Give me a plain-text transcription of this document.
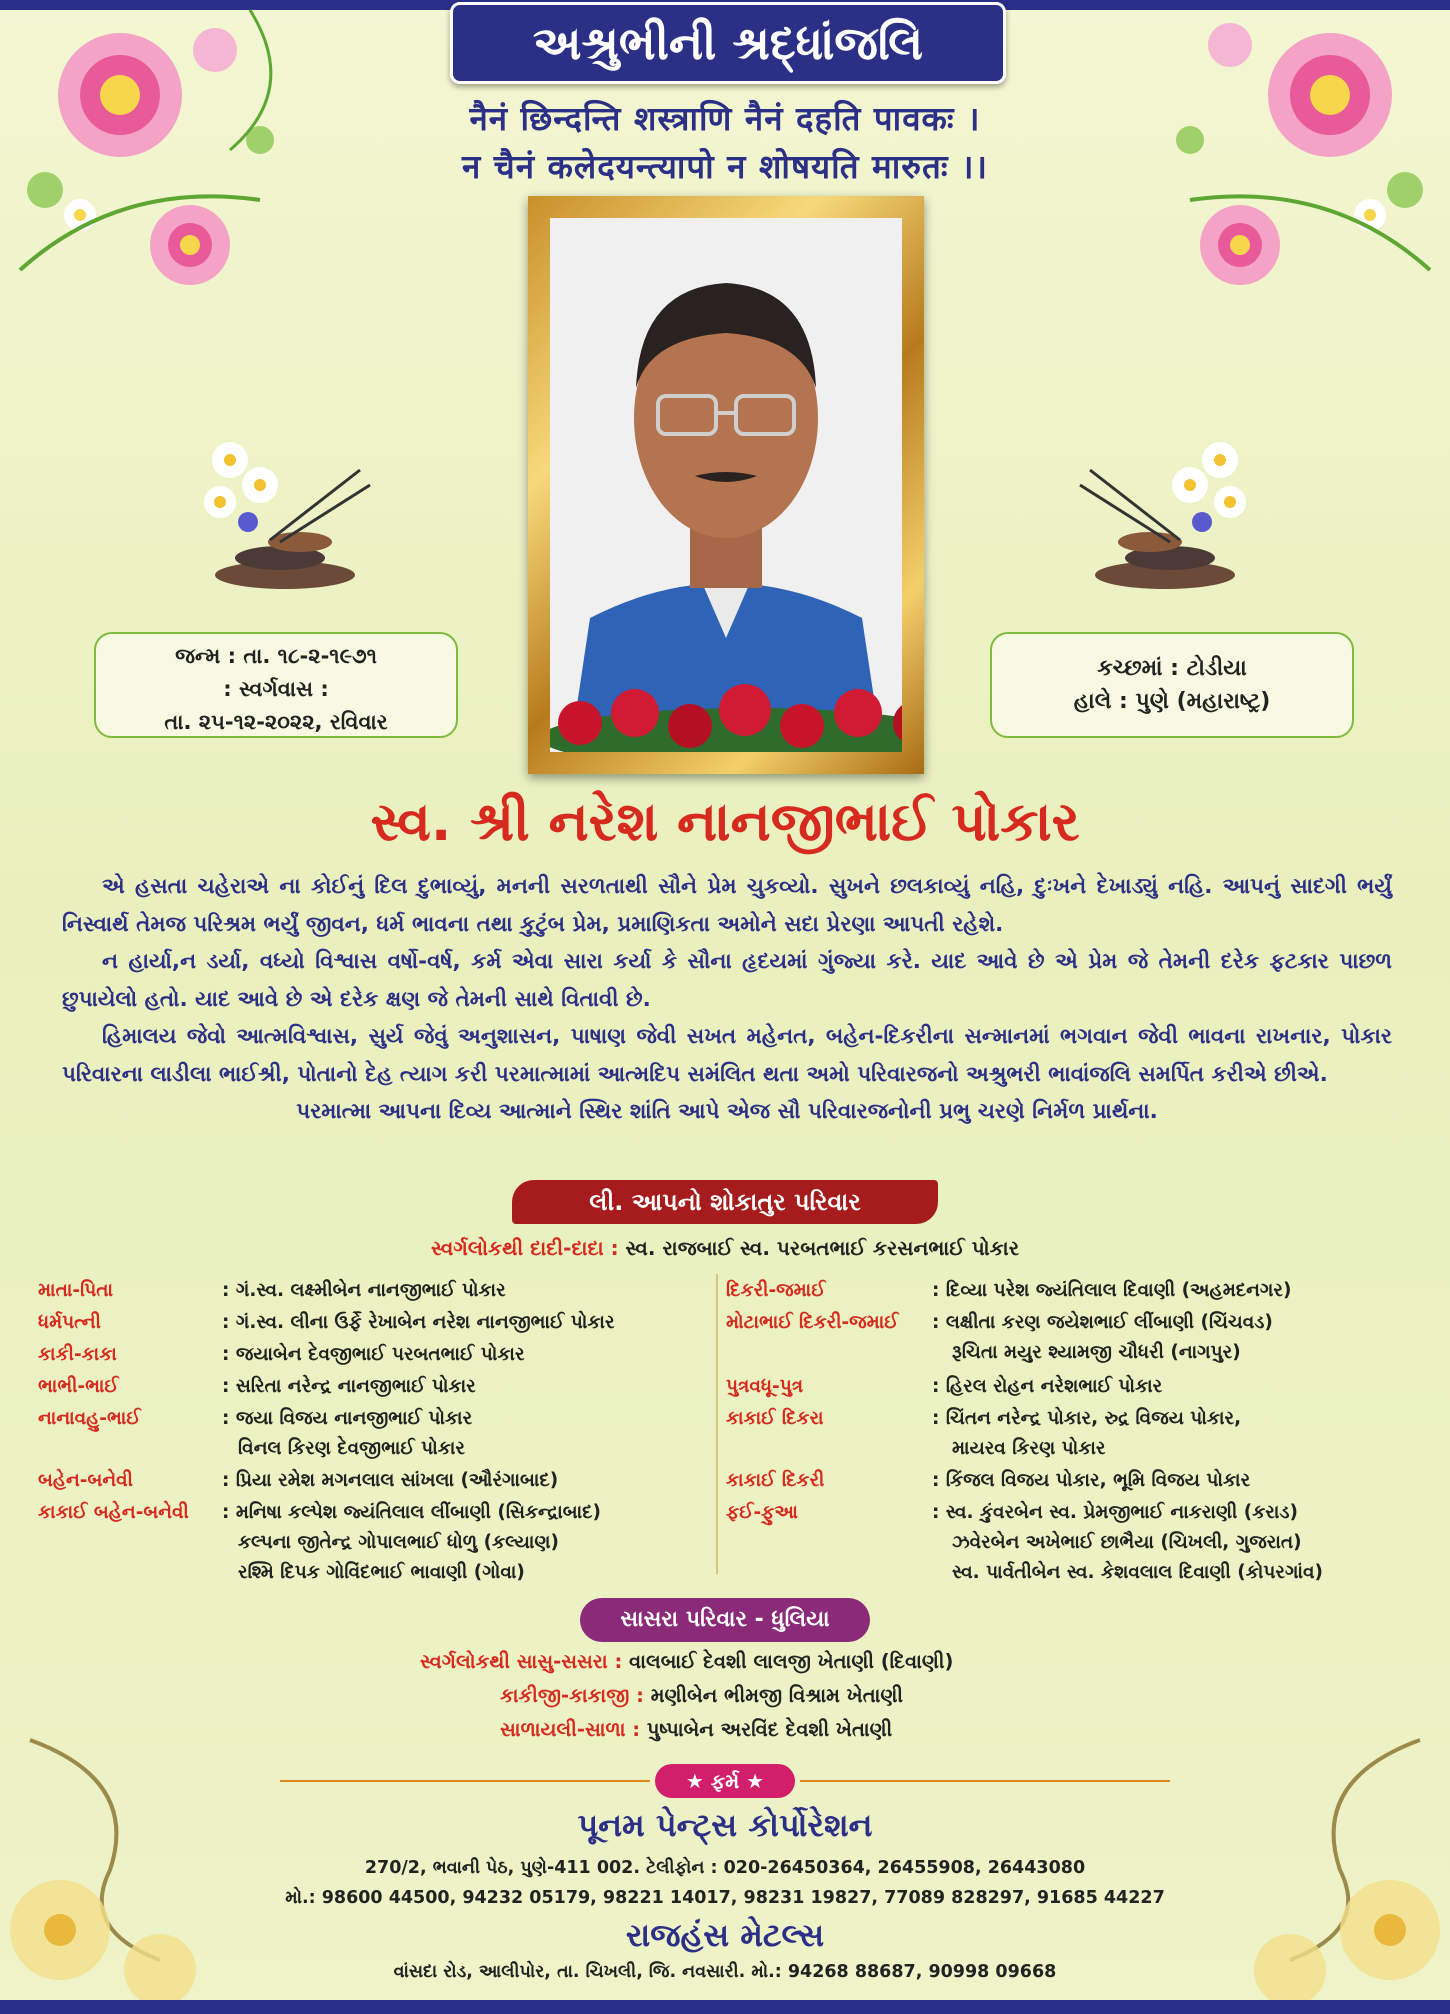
અશ્રુભીની શ્રદ્ધાંજલિ
नैनं छिन्दन्ति शस्त्राणि नैनं दहति पावकः ।
न चैनं कलेदयन्त्यापो न शोषयति मारुतः ।।
જન્મ : તા. ૧૮-૨-૧૯૭૧
: સ્વર્ગવાસ :
તા. ૨૫-૧૨-૨૦૨૨, રવિવાર
કચ્છમાં : ટોડીયા
હાલે : પુણે (મહારાષ્ટ્ર)
સ્વ. શ્રી નરેશ નાનજીભાઈ પોકાર

એ હસતા ચહેરાએ ના કોઈનું દિલ દુભાવ્યું, મનની સરળતાથી સૌને પ્રેમ ચુકવ્યો. સુખને છલકાવ્યું નહિ, દુઃખને દેખાડ્યું નહિ. આપનું સાદગી ભર્યું નિસ્વાર્થ તેમજ પરિશ્રમ ભર્યું જીવન, ધર્મ ભાવના તથા કુટુંબ પ્રેમ, પ્રમાણિકતા અમોને સદા પ્રેરણા આપતી રહેશે.

ન હાર્યા,ન ડર્યા, વધ્યો વિશ્વાસ વર્ષો-વર્ષ, કર્મ એવા સારા કર્યા કે સૌના હૃદયમાં ગુંજ્યા કરે. યાદ આવે છે એ પ્રેમ જે તેમની દરેક ફટકાર પાછળ છુપાયેલો હતો. યાદ આવે છે એ દરેક ક્ષણ જે તેમની સાથે વિતાવી છે.

હિમાલય જેવો આત્મવિશ્વાસ, સુર્ય જેવું અનુશાસન, પાષાણ જેવી સખત મહેનત, બહેન-દિકરીના સન્માનમાં ભગવાન જેવી ભાવના રાખનાર, પોકાર પરિવારના લાડીલા ભાઈશ્રી, પોતાનો દેહ ત્યાગ કરી પરમાત્મામાં આત્મદિપ સમંલિત થતા અમો પરિવારજનો અશ્રુભરી ભાવાંજલિ સમર્પિત કરીએ છીએ.

પરમાત્મા આપના દિવ્ય આત્માને સ્થિર શાંતિ આપે એજ સૌ પરિવારજનોની પ્રભુ ચરણે નિર્મળ પ્રાર્થના.

લી. આપનો શોકાતુર પરિવાર
સ્વર્ગલોકથી દાદી-દાદા : સ્વ. રાજબાઈ સ્વ. પરબતભાઈ કરસનભાઈ પોકાર
માતા-પિતા	: ગં.સ્વ. લક્ષ્મીબેન નાનજીભાઈ પોકાર
ધર્મપત્ની	: ગં.સ્વ. લીના ઉર્ફે રેખાબેન નરેશ નાનજીભાઈ પોકાર
કાકી-કાકા	: જયાબેન દેવજીભાઈ પરબતભાઈ પોકાર
ભાભી-ભાઈ	: સરિતા નરેન્દ્ર નાનજીભાઈ પોકાર
નાનાવહુ-ભાઈ	: જયા વિજય નાનજીભાઈ પોકાર
વિનલ કિરણ દેવજીભાઈ પોકાર
બહેન-બનેવી	: પ્રિયા રમેશ મગનલાલ સાંખલા (ઔરંગાબાદ)
કાકાઈ બહેન-બનેવી : મનિષા કલ્પેશ જ્યંતિલાલ લીંબાણી (સિકન્દ્રાબાદ)
કલ્પના જીતેન્દ્ર ગોપાલભાઈ ધોળુ (કલ્યાણ)
રશ્મિ દિપક ગોવિંદભાઈ ભાવાણી (ગોવા)
દિકરી-જમાઈ	: દિવ્યા પરેશ જ્યંતિલાલ દિવાણી (અહમદનગર)
મોટાભાઈ દિકરી-જમાઈ : લક્ષીતા કરણ જયેશભાઈ લીંબાણી (ચિંચવડ)
રૂચિતા મયુર શ્યામજી ચૌધરી (નાગપુર)
પુત્રવધૂ-પુત્ર	: હિરલ રોહન નરેશભાઈ પોકાર
કાકાઈ દિકરા	: ચિંતન નરેન્દ્ર પોકાર, રુદ્ર વિજય પોકાર,
માયરવ કિરણ પોકાર
કાકાઈ દિકરી	: કિંજલ વિજય પોકાર, ભૂમિ વિજય પોકાર
ફઈ-ફુઆ	: સ્વ. કુંવરબેન સ્વ. પ્રેમજીભાઈ નાકરાણી (કરાડ)
ઝવેરબેન અખેભાઈ છાભૈયા (ચિખલી, ગુજરાત)
સ્વ. પાર્વતીબેન સ્વ. કેશવલાલ દિવાણી (કોપરગાંવ)
સાસરા પરિવાર - ધુલિયા
સ્વર્ગલોકથી સાસુ-સસરા : વાલબાઈ દેવશી લાલજી ખેતાણી (દિવાણી)
કાકીજી-કાકાજી : મણીબેન ભીમજી વિશ્રામ ખેતાણી
સાળાયલી-સાળા : પુષ્પાબેન અરવિંદ દેવશી ખેતાણી
★ ફર્મ ★
પૂનમ પેન્ટ્સ કોર્પોરેશન
270/2, ભવાની પેઠ, પુણે-411 002. ટેલીફોન : 020-26450364, 26455908, 26443080
મો.: 98600 44500, 94232 05179, 98221 14017, 98231 19827, 77089 828297, 91685 44227
રાજહંસ મેટલ્સ
વાંસદા રોડ, આલીપોર, તા. ચિખલી, જિ. નવસારી. મો.: 94268 88687, 90998 09668
